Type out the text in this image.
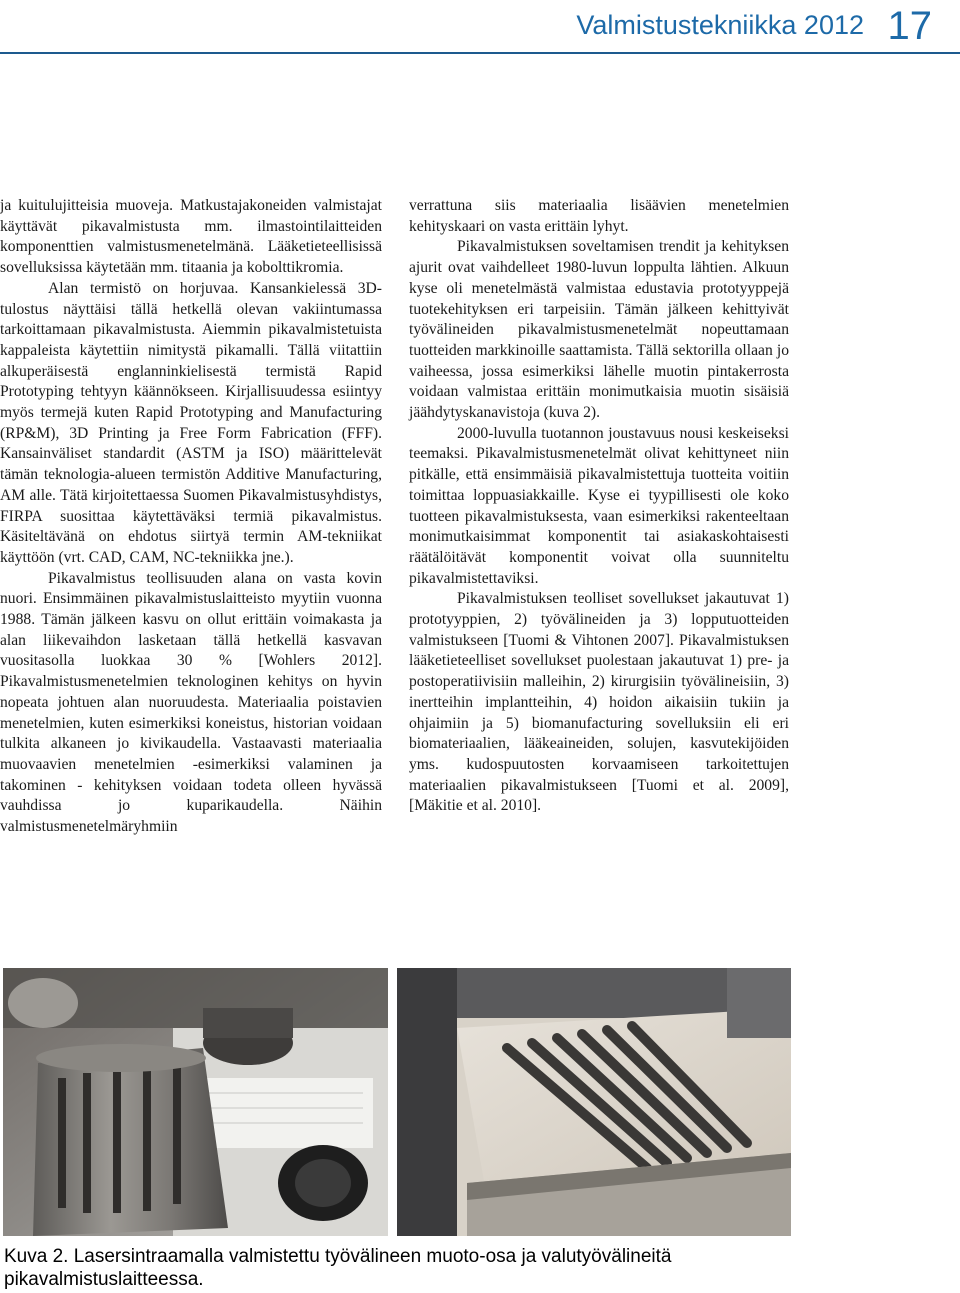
Valmistustekniikka 2012 17

ja kuitulujitteisia muoveja. Matkustajakoneiden valmistajat käyttävät pikavalmistusta mm. ilmastointilaitteiden komponenttien valmistusmenetelmänä. Lääketieteellisissä sovelluksissa käytetään mm. titaania ja kobolttikromia.

Alan termistö on horjuvaa. Kansankielessä 3D-tulostus näyttäisi tällä hetkellä olevan vakiintumassa tarkoittamaan pikavalmistusta. Aiemmin pikavalmistetuista kappaleista käytettiin nimitystä pikamalli. Tällä viitattiin alkuperäisestä englanninkielisestä termistä Rapid Prototyping tehtyyn käännökseen. Kirjallisuudessa esiintyy myös termejä kuten Rapid Prototyping and Manufacturing (RP&M), 3D Printing ja Free Form Fabrication (FFF). Kansainväliset standardit (ASTM ja ISO) määrittelevät tämän teknologia-alueen termistön Additive Manufacturing, AM alle. Tätä kirjoitettaessa Suomen Pikavalmistusyhdistys, FIRPA suosittaa käytettäväksi termiä pikavalmistus. Käsiteltävänä on ehdotus siirtyä termin AM-tekniikat käyttöön (vrt. CAD, CAM, NC-tekniikka jne.).

Pikavalmistus teollisuuden alana on vasta kovin nuori. Ensimmäinen pikavalmistuslaitteisto myytiin vuonna 1988. Tämän jälkeen kasvu on ollut erittäin voimakasta ja alan liikevaihdon lasketaan tällä hetkellä kasvavan vuositasolla luokkaa 30 % [Wohlers 2012]. Pikavalmistusmenetelmien teknologinen kehitys on hyvin nopeata johtuen alan nuoruudesta. Materiaalia poistavien menetelmien, kuten esimerkiksi koneistus, historian voidaan tulkita alkaneen jo kivikaudella. Vastaavasti materiaalia muovaavien menetelmien -esimerkiksi valaminen ja takominen - kehityksen voidaan todeta olleen hyvässä vauhdissa jo kuparikaudella. Näihin valmistusmenetelmäryhmiin

verrattuna siis materiaalia lisäävien menetelmien kehityskaari on vasta erittäin lyhyt.

Pikavalmistuksen soveltamisen trendit ja kehityksen ajurit ovat vaihdelleet 1980-luvun loppulta lähtien. Alkuun kyse oli menetelmästä valmistaa edustavia prototyyppejä tuotekehityksen eri tarpeisiin. Tämän jälkeen kehittyivät työvälineiden pikavalmistusmenetelmät nopeuttamaan tuotteiden markkinoille saattamista. Tällä sektorilla ollaan jo vaiheessa, jossa esimerkiksi lähelle muotin pintakerrosta voidaan valmistaa erittäin monimutkaisia muotin sisäisiä jäähdytyskanavistoja (kuva 2).

2000-luvulla tuotannon joustavuus nousi keskeiseksi teemaksi. Pikavalmistusmenetelmät olivat kehittyneet niin pitkälle, että ensimmäisiä pikavalmistettuja tuotteita voitiin toimittaa loppuasiakkaille. Kyse ei tyypillisesti ole koko tuotteen pikavalmistuksesta, vaan esimerkiksi rakenteeltaan monimutkaisimmat komponentit tai asiakaskohtaisesti räätälöitävät komponentit voivat olla suunniteltu pikavalmistettaviksi.

Pikavalmistuksen teolliset sovellukset jakautuvat 1) prototyyppien, 2) työvälineiden ja 3) lopputuotteiden valmistukseen [Tuomi & Vihtonen 2007]. Pikavalmistuksen lääketieteelliset sovellukset puolestaan jakautuvat 1) pre- ja postoperatiivisiin malleihin, 2) kirurgisiin työvälineisiin, 3) inertteihin implantteihin, 4) hoidon aikaisiin tukiin ja ohjaimiin ja 5) biomanufacturing sovelluksiin eli eri biomateriaalien, lääkeaineiden, solujen, kasvutekijöiden yms. kudospuutosten korvaamiseen tarkoitettujen materiaalien pikavalmistukseen [Tuomi et al. 2009], [Mäkitie et al. 2010].

Kuva 2. Lasersintraamalla valmistettu työvälineen muoto-osa ja valutyövälineitä pikavalmistuslaitteessa.
